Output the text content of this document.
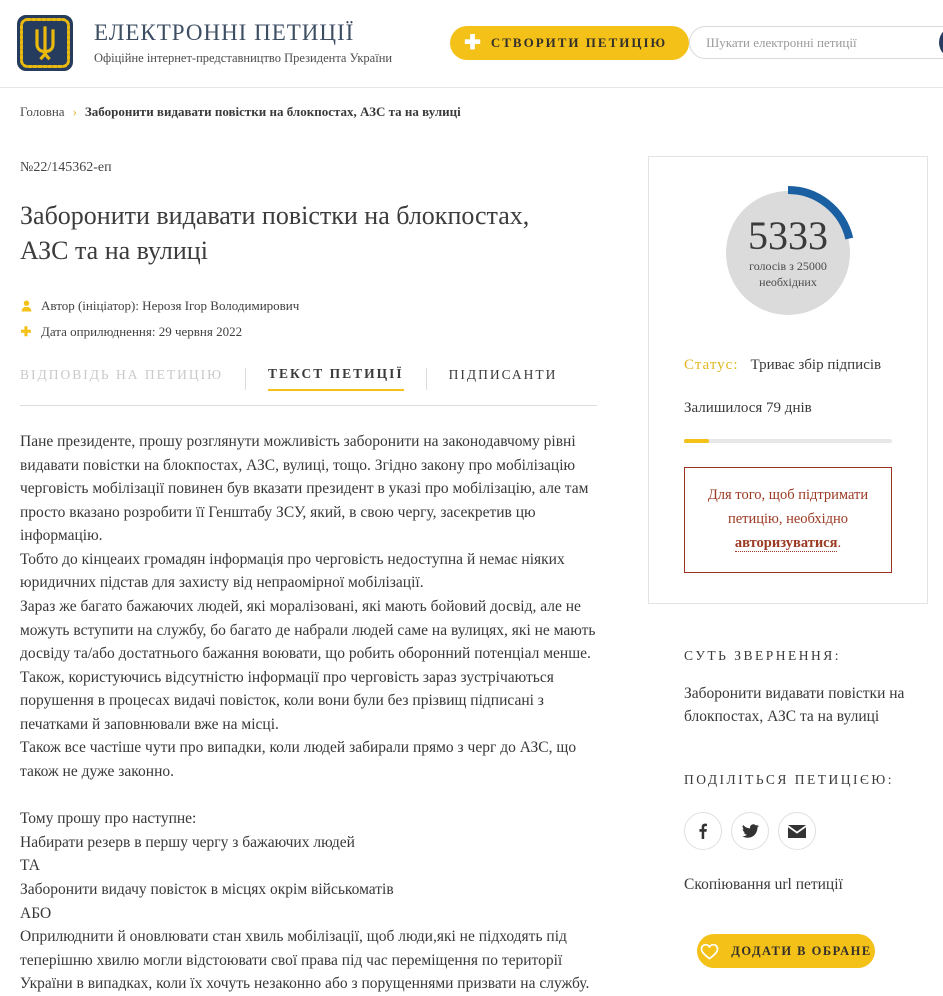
ЕЛЕКТРОННІ ПЕТИЦІЇ
Офіційне інтернет-представництво Президента України
✚ СТВОРИТИ ПЕТИЦІЮ
Шукати електронні петиції
Головна › Заборонити видавати повістки на блокпостах, АЗС та на вулиці
№22/145362-еп
Заборонити видавати повістки на блокпостах, АЗС та на вулиці
Автор (ініціатор): Нерозя Ігор Володимирович
✚ Дата оприлюднення: 29 червня 2022
ВІДПОВІДЬ НА ПЕТИЦІЮ	ТЕКСТ ПЕТИЦІЇ	ПІДПИСАНТИ

Пане президенте, прошу розглянути можливість заборонити на законодавчому рівні видавати повістки на блокпостах, АЗС, вулиці, тощо. Згідно закону про мобілізацію черговість мобілізації повинен був вказати президент в указі про мобілізацію, але там просто вказано розробити її Генштабу ЗСУ, який, в свою чергу, засекретив цю інформацію.

Тобто до кінцеаих громадян інформація про черговість недоступна й немає ніяких юридичних підстав для захисту від непраомірної мобілізації.

Зараз же багато бажаючих людей, які моралізовані, які мають бойовий досвід, але не можуть вступити на службу, бо багато де набрали людей саме на вулицях, які не мають досвіду та/або достатнього бажання воювати, що робить оборонний потенціал менше.

Також, користуючись відсутністю інформації про черговість зараз зустрічаються порушення в процесах видачі повісток, коли вони були без прізвищ підписані з печатками й заповнювали вже на місці.

Також все частіше чути про випадки, коли людей забирали прямо з черг до АЗС, що також не дуже законно.

Тому прошу про наступне:

Набирати резерв в першу чергу з бажаючих людей

ТА

Заборонити видачу повісток в місцях окрім військоматів

АБО

Оприлюднити й оновлювати стан хвиль мобілізації, щоб люди,які не підходять під теперішню хвилю могли відстоювати свої права під час переміщення по території України в випадках, коли їх хочуть незаконно або з порущеннями призвати на службу.

5333
голосів з 25000
необхідних
Статус: Триває збір підписів
Залишилося 79 днів
Для того, щоб підтримати петицію, необхідно авторизуватися.
СУТЬ ЗВЕРНЕННЯ:
Заборонити видавати повістки на блокпостах, АЗС та на вулиці
ПОДІЛІТЬСЯ ПЕТИЦІЄЮ:
Скопіювання url петиції
ДОДАТИ В ОБРАНЕ
